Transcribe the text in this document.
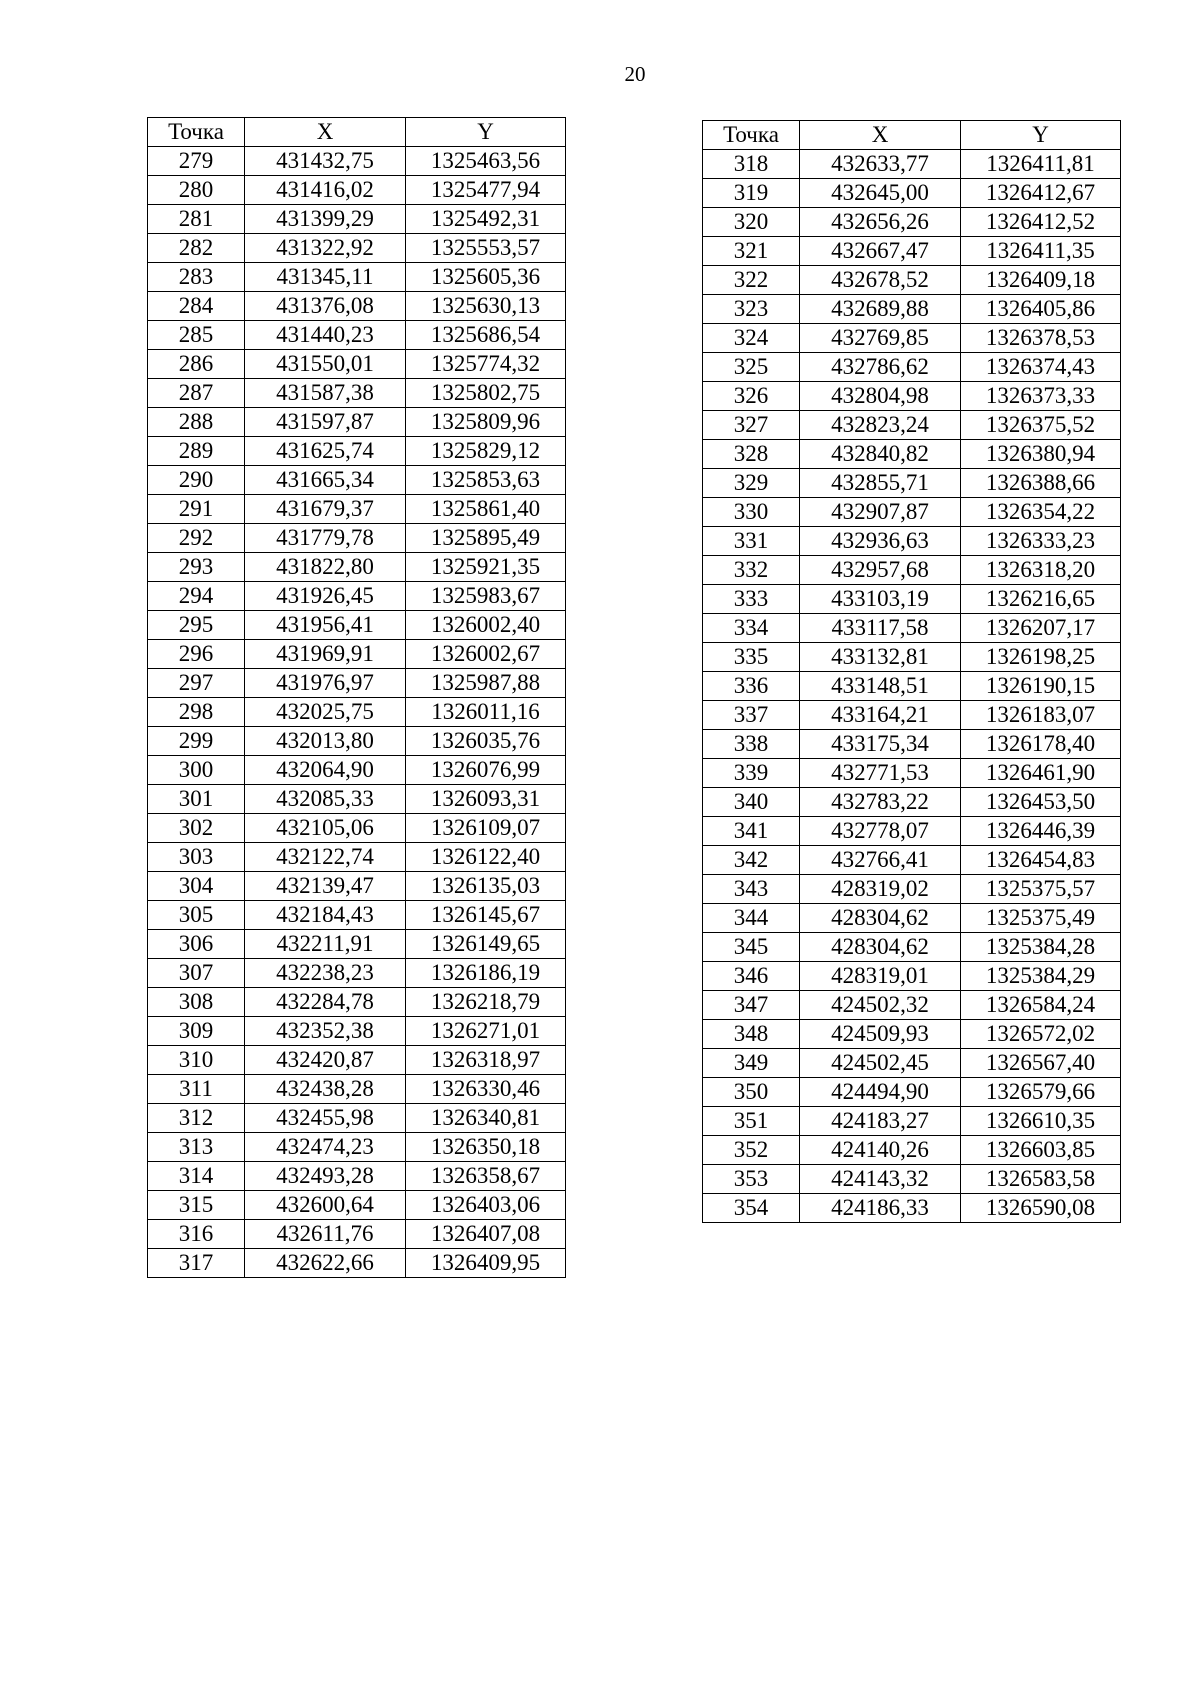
20
Точка	X	Y
279	431432,75	1325463,56
280	431416,02	1325477,94
281	431399,29	1325492,31
282	431322,92	1325553,57
283	431345,11	1325605,36
284	431376,08	1325630,13
285	431440,23	1325686,54
286	431550,01	1325774,32
287	431587,38	1325802,75
288	431597,87	1325809,96
289	431625,74	1325829,12
290	431665,34	1325853,63
291	431679,37	1325861,40
292	431779,78	1325895,49
293	431822,80	1325921,35
294	431926,45	1325983,67
295	431956,41	1326002,40
296	431969,91	1326002,67
297	431976,97	1325987,88
298	432025,75	1326011,16
299	432013,80	1326035,76
300	432064,90	1326076,99
301	432085,33	1326093,31
302	432105,06	1326109,07
303	432122,74	1326122,40
304	432139,47	1326135,03
305	432184,43	1326145,67
306	432211,91	1326149,65
307	432238,23	1326186,19
308	432284,78	1326218,79
309	432352,38	1326271,01
310	432420,87	1326318,97
311	432438,28	1326330,46
312	432455,98	1326340,81
313	432474,23	1326350,18
314	432493,28	1326358,67
315	432600,64	1326403,06
316	432611,76	1326407,08
317	432622,66	1326409,95
Точка	X	Y
318	432633,77	1326411,81
319	432645,00	1326412,67
320	432656,26	1326412,52
321	432667,47	1326411,35
322	432678,52	1326409,18
323	432689,88	1326405,86
324	432769,85	1326378,53
325	432786,62	1326374,43
326	432804,98	1326373,33
327	432823,24	1326375,52
328	432840,82	1326380,94
329	432855,71	1326388,66
330	432907,87	1326354,22
331	432936,63	1326333,23
332	432957,68	1326318,20
333	433103,19	1326216,65
334	433117,58	1326207,17
335	433132,81	1326198,25
336	433148,51	1326190,15
337	433164,21	1326183,07
338	433175,34	1326178,40
339	432771,53	1326461,90
340	432783,22	1326453,50
341	432778,07	1326446,39
342	432766,41	1326454,83
343	428319,02	1325375,57
344	428304,62	1325375,49
345	428304,62	1325384,28
346	428319,01	1325384,29
347	424502,32	1326584,24
348	424509,93	1326572,02
349	424502,45	1326567,40
350	424494,90	1326579,66
351	424183,27	1326610,35
352	424140,26	1326603,85
353	424143,32	1326583,58
354	424186,33	1326590,08
